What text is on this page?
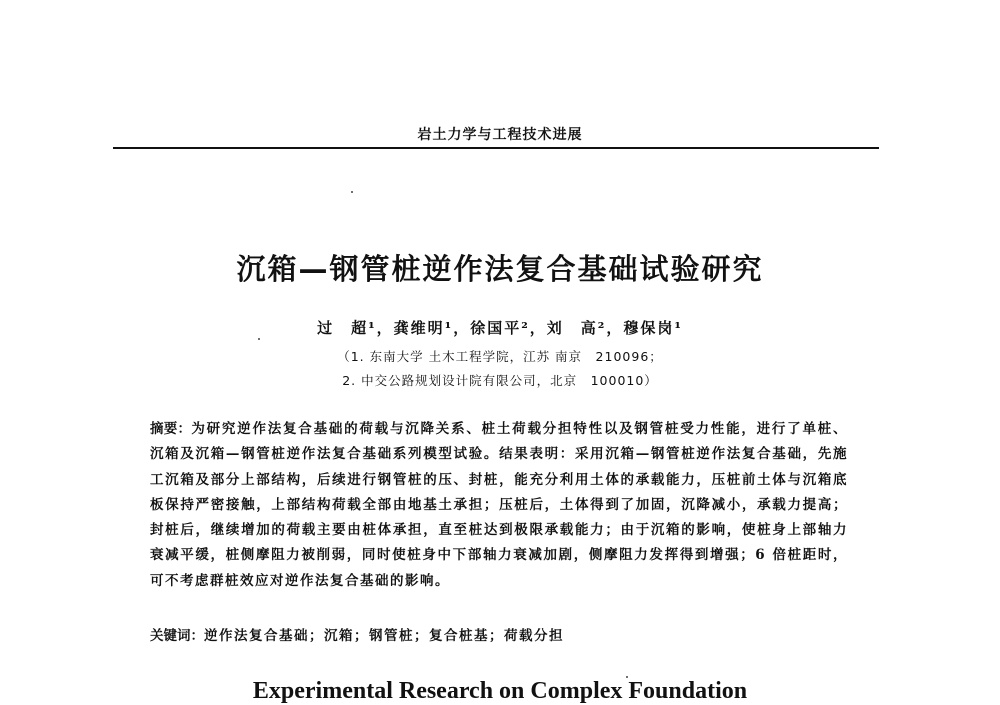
岩土力学与工程技术进展
沉箱—钢管桩逆作法复合基础试验研究
过　超¹，龚维明¹，徐国平²，刘　高²，穆保岗¹
（1. 东南大学 土木工程学院，江苏 南京　210096；
2. 中交公路规划设计院有限公司，北京　100010）
摘要：为研究逆作法复合基础的荷载与沉降关系、桩土荷载分担特性以及钢管桩受力性能，进行了单桩、沉箱及沉箱—钢管桩逆作法复合基础系列模型试验。结果表明：采用沉箱—钢管桩逆作法复合基础，先施工沉箱及部分上部结构，后续进行钢管桩的压、封桩，能充分利用土体的承载能力，压桩前土体与沉箱底板保持严密接触，上部结构荷载全部由地基土承担；压桩后，土体得到了加固，沉降减小，承载力提高；封桩后，继续增加的荷载主要由桩体承担，直至桩达到极限承载能力；由于沉箱的影响，使桩身上部轴力衰减平缓，桩侧摩阻力被削弱，同时使桩身中下部轴力衰减加剧，侧摩阻力发挥得到增强；6 倍桩距时，可不考虑群桩效应对逆作法复合基础的影响。
关键词：逆作法复合基础；沉箱；钢管桩；复合桩基；荷载分担
Experimental Research on Complex Foundation
